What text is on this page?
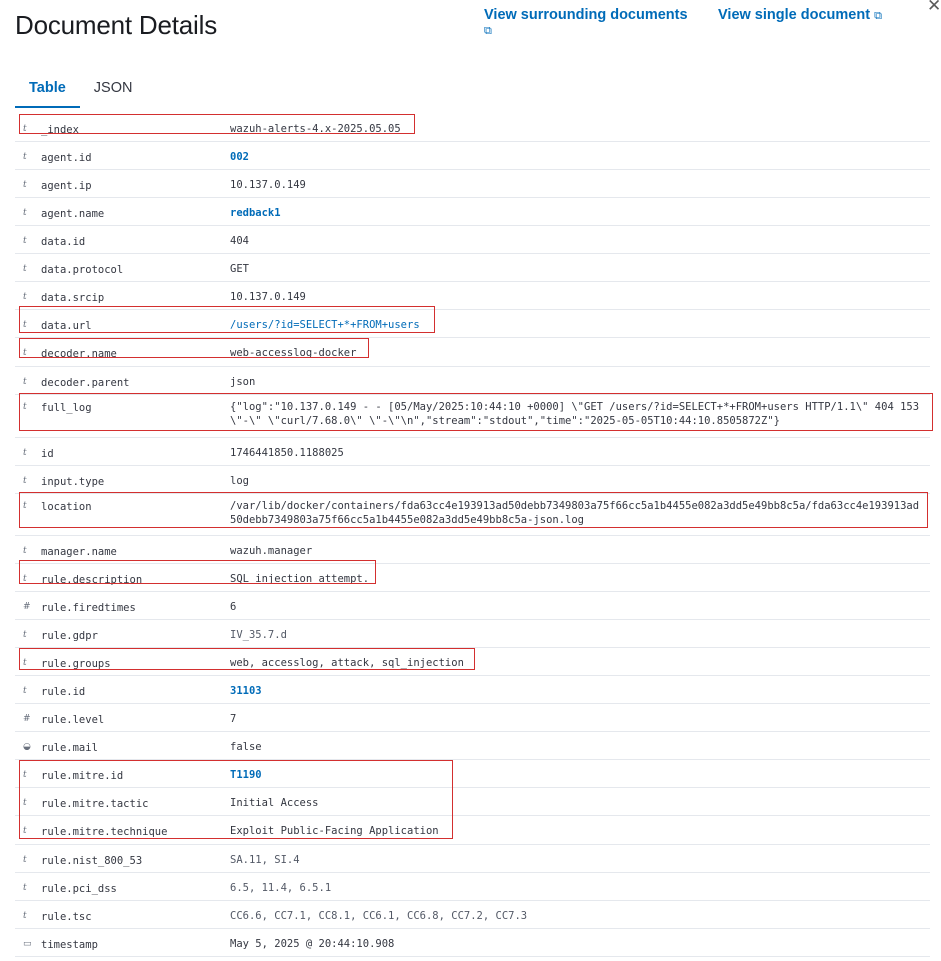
Document Details	View surrounding documents
⧉
View single document ⧉
✕
Table	JSON
t _index	wazuh-alerts-4.x-2025.05.05
t agent.id	002
t agent.ip	10.137.0.149
t agent.name	redback1
t data.id	404
t data.protocol	GET
t data.srcip	10.137.0.149
t data.url	/users/?id=SELECT+*+FROM+users
t decoder.name	web-accesslog-docker
t decoder.parent	json
t full_log	{"log":"10.137.0.149 - - [05/May/2025:10:44:10 +0000] \"GET /users/?id=SELECT+*+FROM+users HTTP/1.1\" 404 153 \"-\" \"curl/7.68.0\" \"-\"\n","stream":"stdout","time":"2025-05-05T10:44:10.8505872Z"}
t id	1746441850.1188025
t input.type	log
t location	/var/lib/docker/containers/fda63cc4e193913ad50debb7349803a75f66cc5a1b4455e082a3dd5e49bb8c5a/fda63cc4e193913ad50debb7349803a75f66cc5a1b4455e082a3dd5e49bb8c5a-json.log
t manager.name	wazuh.manager
t rule.description	SQL injection attempt.
# rule.firedtimes	6
t rule.gdpr	IV_35.7.d
t rule.groups	web, accesslog, attack, sql_injection
t rule.id	31103
# rule.level	7
◒ rule.mail	false
t rule.mitre.id	T1190
t rule.mitre.tactic	Initial Access
t rule.mitre.technique	Exploit Public-Facing Application
t rule.nist_800_53	SA.11, SI.4
t rule.pci_dss	6.5, 11.4, 6.5.1
t rule.tsc	CC6.6, CC7.1, CC8.1, CC6.1, CC6.8, CC7.2, CC7.3
▭ timestamp	May 5, 2025 @ 20:44:10.908
